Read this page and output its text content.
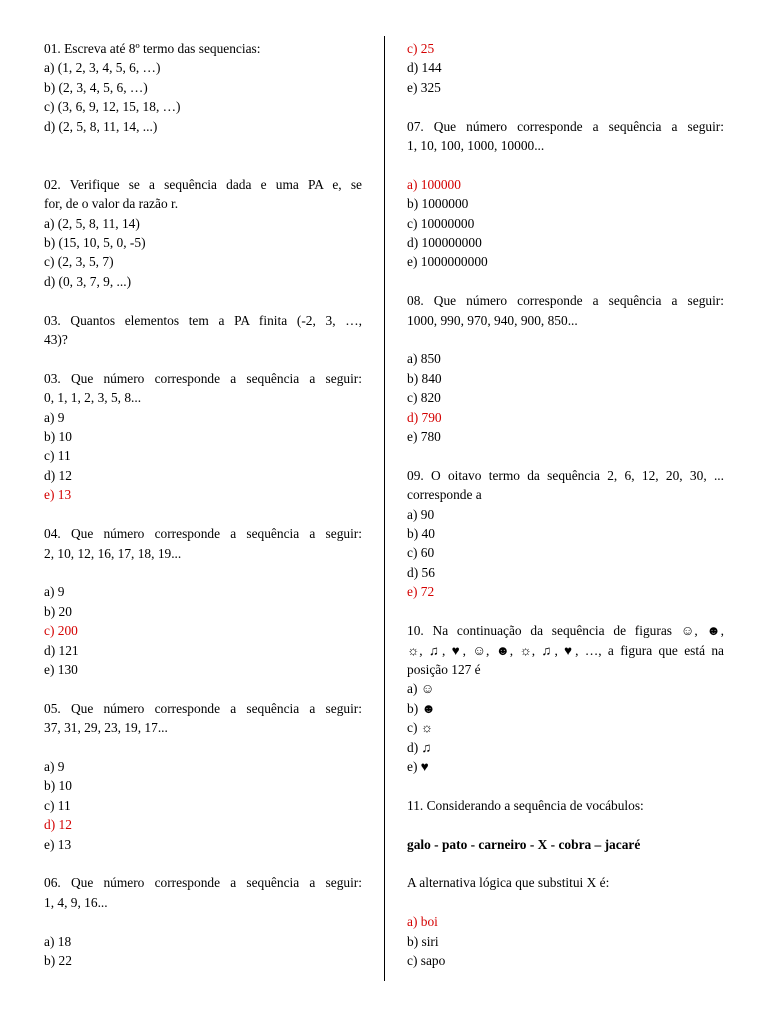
01. Escreva até 8º termo das sequencias:
a) (1, 2, 3, 4, 5, 6, …)
b) (2, 3, 4, 5, 6, …)
c) (3, 6, 9, 12, 15, 18, …)
d) (2, 5, 8, 11, 14, ...)
02. Verifique se a sequência dada e uma PA e, se
for, de o valor da razão r.
a) (2, 5, 8, 11, 14)
b) (15, 10, 5, 0, -5)
c) (2, 3, 5, 7)
d) (0, 3, 7, 9, ...)
03. Quantos elementos tem a PA finita (-2, 3, …,
43)?
03. Que número corresponde a sequência a seguir:
0, 1, 1, 2, 3, 5, 8...
a) 9
b) 10
c) 11
d) 12
e) 13
04. Que número corresponde a sequência a seguir:
2, 10, 12, 16, 17, 18, 19...
a) 9
b) 20
c) 200
d) 121
e) 130
05. Que número corresponde a sequência a seguir:
37, 31, 29, 23, 19, 17...
a) 9
b) 10
c) 11
d) 12
e) 13
06. Que número corresponde a sequência a seguir:
1, 4, 9, 16...
a) 18
b) 22
c) 25
d) 144
e) 325
07. Que número corresponde a sequência a seguir:
1, 10, 100, 1000, 10000...
a) 100000
b) 1000000
c) 10000000
d) 100000000
e) 1000000000
08. Que número corresponde a sequência a seguir:
1000, 990, 970, 940, 900, 850...
a) 850
b) 840
c) 820
d) 790
e) 780
09. O oitavo termo da sequência 2, 6, 12, 20, 30, ...
corresponde a
a) 90
b) 40
c) 60
d) 56
e) 72
10. Na continuação da sequência de figuras ☺, ☻,
☼, ♫, ♥, ☺, ☻, ☼, ♫, ♥, …, a figura que está na
posição 127 é
a) ☺
b) ☻
c) ☼
d) ♫
e) ♥
11. Considerando a sequência de vocábulos:
galo - pato - carneiro - X - cobra – jacaré
A alternativa lógica que substitui X é:
a) boi
b) siri
c) sapo
